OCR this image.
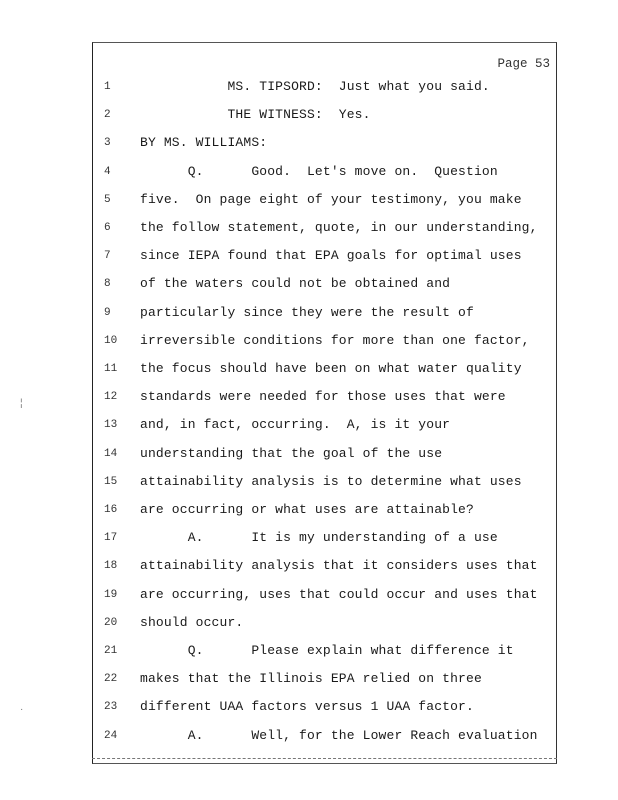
Page 53
1	MS. TIPSORD:  Just what you said.
2	THE WITNESS:  Yes.
3	BY MS. WILLIAMS:
4	Q.      Good.  Let's move on.  Question
5	five.  On page eight of your testimony, you make
6	the follow statement, quote, in our understanding,
7	since IEPA found that EPA goals for optimal uses
8	of the waters could not be obtained and
9	particularly since they were the result of
10 irreversible conditions for more than one factor,
11 the focus should have been on what water quality
12 standards were needed for those uses that were
13 and, in fact, occurring.  A, is it your
14 understanding that the goal of the use
15 attainability analysis is to determine what uses
16 are occurring or what uses are attainable?
17 A.      It is my understanding of a use
18 attainability analysis that it considers uses that
19 are occurring, uses that could occur and uses that
20 should occur.
21 Q.      Please explain what difference it
22 makes that the Illinois EPA relied on three
23 different UAA factors versus 1 UAA factor.
24 A.      Well, for the Lower Reach evaluation
¦
·
